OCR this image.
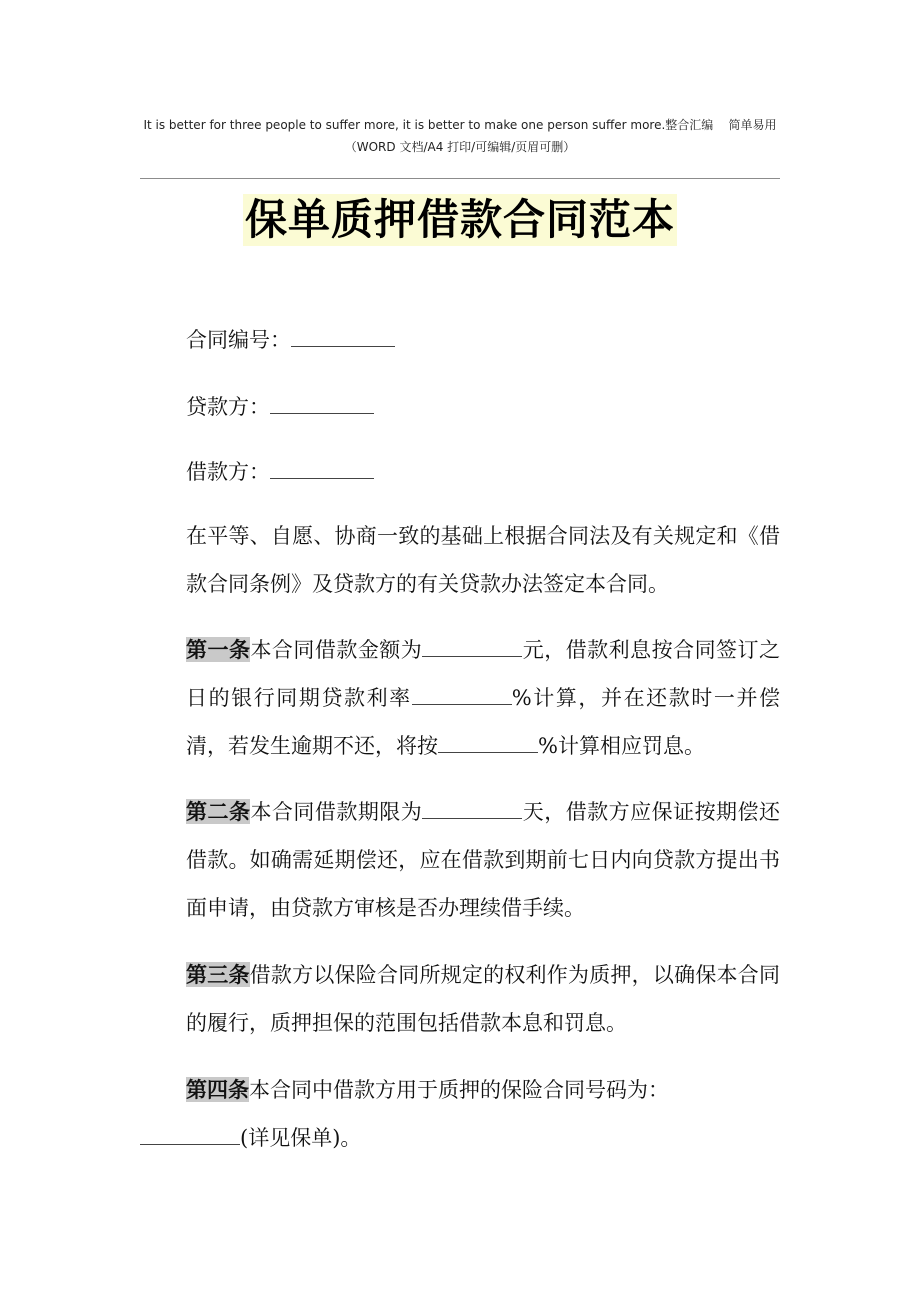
It is better for three people to suffer more, it is better to make one person suffer more.整合汇编    简单易用
（WORD 文档/A4 打印/可编辑/页眉可删）
保单质押借款合同范本
合同编号：
贷款方：
借款方：
在平等、自愿、协商一致的基础上根据合同法及有关规定和《借款合同条例》及贷款方的有关贷款办法签定本合同。
第一条本合同借款金额为	元，借款利息按合同签订之日的银行同期贷款利率	%计算，并在还款时一并偿清，若发生逾期不还，将按	%计算相应罚息。
第二条本合同借款期限为	天，借款方应保证按期偿还借款。如确需延期偿还，应在借款到期前七日内向贷款方提出书面申请，由贷款方审核是否办理续借手续。
第三条借款方以保险合同所规定的权利作为质押，以确保本合同的履行，质押担保的范围包括借款本息和罚息。
第四条本合同中借款方用于质押的保险合同号码为：
(详见保单)。
